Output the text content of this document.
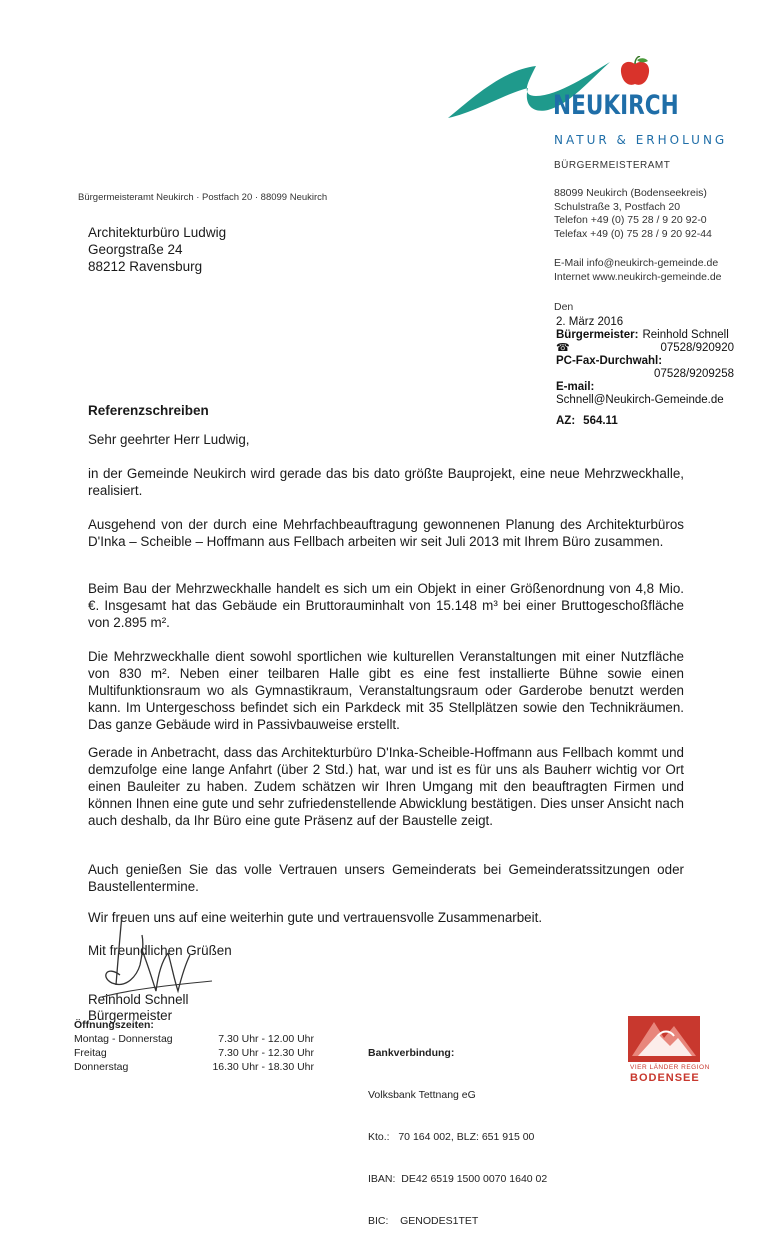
NEUKIRCH
NATUR & ERHOLUNG
BÜRGERMEISTERAMT
Bürgermeisteramt Neukirch · Postfach 20 · 88099 Neukirch
Architekturbüro Ludwig
Georgstraße 24
88212 Ravensburg
88099 Neukirch (Bodenseekreis)
Schulstraße 3, Postfach 20
Telefon +49 (0) 75 28 / 9 20 92-0
Telefax +49 (0) 75 28 / 9 20 92-44
E-Mail info@neukirch-gemeinde.de
Internet www.neukirch-gemeinde.de
Den
2. März 2016
Bürgermeister: Reinhold Schnell
☎	07528/920920
PC-Fax-Durchwahl:
07528/9209258
E-mail:
Schnell@Neukirch-Gemeinde.de
AZ: 564.11
Referenzschreiben
Sehr geehrter Herr Ludwig,
in der Gemeinde Neukirch wird gerade das bis dato größte Bauprojekt, eine neue Mehrzweckhalle, realisiert.
Ausgehend von der durch eine Mehrfachbeauftragung gewonnenen Planung des Architekturbüros D'Inka – Scheible – Hoffmann aus Fellbach arbeiten wir seit Juli 2013 mit Ihrem Büro zusammen.
Beim Bau der Mehrzweckhalle handelt es sich um ein Objekt in einer Größenordnung von 4,8 Mio. €. Insgesamt hat das Gebäude ein Bruttorauminhalt von 15.148 m³ bei einer Bruttogeschoßfläche von 2.895 m².
Die Mehrzweckhalle dient sowohl sportlichen wie kulturellen Veranstaltungen mit einer Nutzfläche von 830 m². Neben einer teilbaren Halle gibt es eine fest installierte Bühne sowie einen Multifunktionsraum wo als Gymnastikraum, Veranstaltungsraum oder Garderobe benutzt werden kann. Im Untergeschoss befindet sich ein Parkdeck mit 35 Stellplätzen sowie den Technikräumen. Das ganze Gebäude wird in Passivbauweise erstellt.
Gerade in Anbetracht, dass das Architekturbüro D'Inka-Scheible-Hoffmann aus Fellbach kommt und demzufolge eine lange Anfahrt (über 2 Std.) hat, war und ist es für uns als Bauherr wichtig vor Ort einen Bauleiter zu haben. Zudem schätzen wir Ihren Umgang mit den beauftragten Firmen und können Ihnen eine gute und sehr zufriedenstellende Abwicklung bestätigen. Dies unser Ansicht nach auch deshalb, da Ihr Büro eine gute Präsenz auf der Baustelle zeigt.
Auch genießen Sie das volle Vertrauen unsers Gemeinderats bei Gemeinderatssitzungen oder Baustellentermine.
Wir freuen uns auf eine weiterhin gute und vertrauensvolle Zusammenarbeit.
Mit freundlichen Grüßen
Reinhold Schnell
Bürgermeister
Öffnungszeiten:
Montag - Donnerstag	7.30 Uhr - 12.00 Uhr
Freitag	7.30 Uhr - 12.30 Uhr
Donnerstag	16.30 Uhr - 18.30 Uhr

Bankverbindung:

Volksbank Tettnang eG

Kto.:   70 164 002, BLZ: 651 915 00

IBAN:  DE42 6519 1500 0070 1640 02

BIC:    GENODES1TET

VIER LÄNDER REGION
BODENSEE
